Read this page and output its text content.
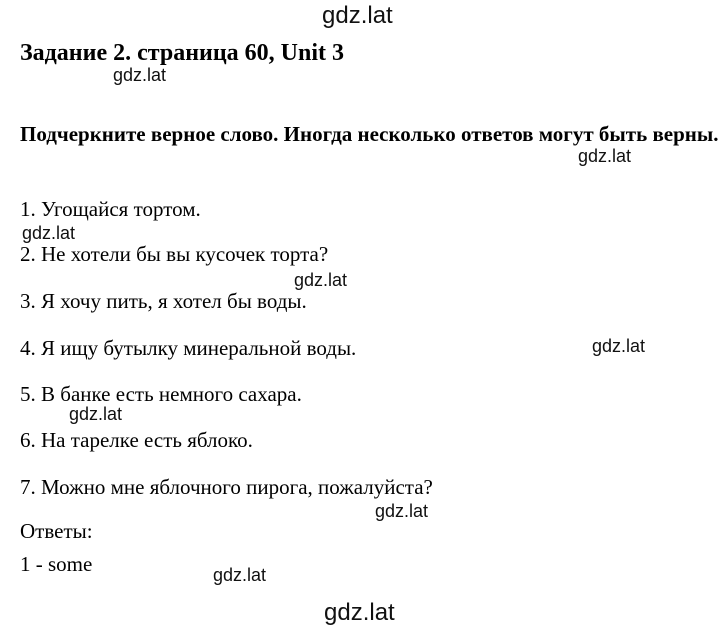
gdz.lat
gdz.lat
gdz.lat
gdz.lat
gdz.lat
gdz.lat
gdz.lat
gdz.lat
gdz.lat
gdz.lat
Задание 2. страница 60, Unit 3
Подчеркните верное слово. Иногда несколько ответов могут быть верны.
1. Угощайся тортом.
2. Не хотели бы вы кусочек торта?
3. Я хочу пить, я хотел бы воды.
4. Я ищу бутылку минеральной воды.
5. В банке есть немного сахара.
6. На тарелке есть яблоко.
7. Можно мне яблочного пирога, пожалуйста?
Ответы:
1 - some
